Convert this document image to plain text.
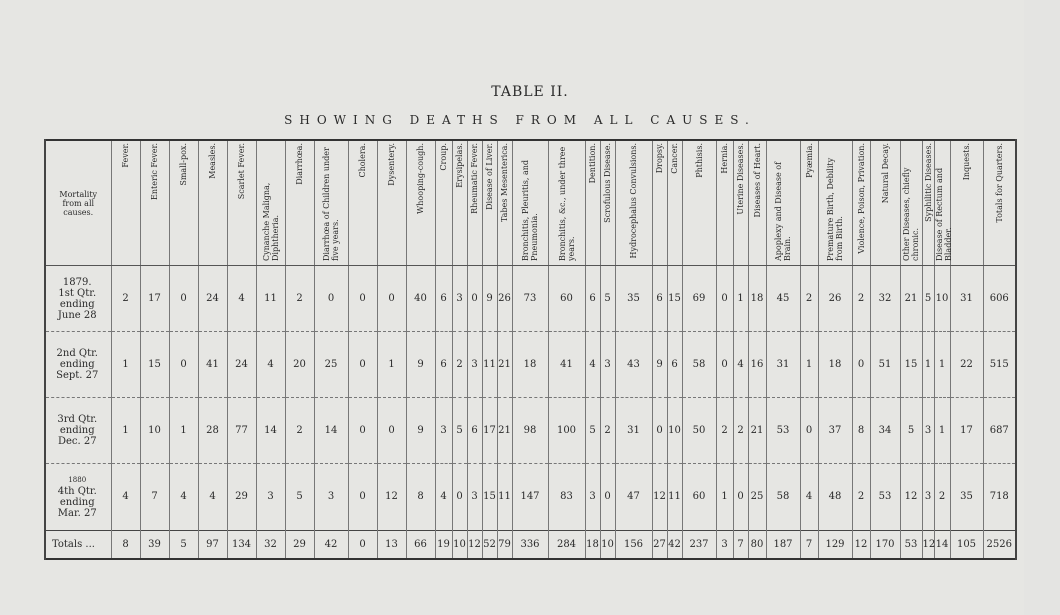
TABLE II.
SHOWING DEATHS FROM ALL CAUSES.
Mortality from all causes.	Fever.	Enteric Fever.	Small-pox.	Measles.	Scarlet Fever.	Cynanche Maligna, Diphtheria.	Diarrhœa.	Diarrhœa of Children under five years.	Cholera.	Dysentery.	Whooping-cough.	Croup.	Erysipelas.	Rheumatic Fever.	Disease of Liver.	Tabes Mesenterica.	Bronchitis, Pleuritis, and Pneumonia.	Bronchitis, &c., under three years.	Dentition.	Scrofulous Disease.	Hydrocephalus Convulsions.	Dropsy.	Cancer.	Phthisis.	Hernia.	Uterine Diseases.	Diseases of Heart.	Apoplexy and Disease of Brain.	Pyæmia.	Premature Birth, Debility from Birth.	Violence, Poison, Privation.	Natural Decay.	Other Diseases, chiefly chronic.	Syphilitic Diseases.	Disease of Rectum and Bladder.	Inquests.	Totals for Quarters.

1879.
1st Qtr.
ending
June 28	2	17	0	24	4	11	2	0	0	0	40	6	3	0	9	26	73	60	6	5	35	6	15	69	0	1	18	45	2	26	2	32	21	5	10	31	606

2nd Qtr.
ending
Sept. 27	1	15	0	41	24	4	20	25	0	1	9	6	2	3	11	21	18	41	4	3	43	9	6	58	0	4	16	31	1	18	0	51	15	1	1	22	515

3rd Qtr.
ending
Dec. 27	1	10	1	28	77	14	2	14	0	0	9	3	5	6	17	21	98	100	5	2	31	0	10	50	2	2	21	53	0	37	8	34	5	3	1	17	687

1880
4th Qtr.
ending
Mar. 27	4	7	4	4	29	3	5	3	0	12	8	4	0	3	15	11	147	83	3	0	47	12	11	60	1	0	25	58	4	48	2	53	12	3	2	35	718
Totals ...	8	39	5	97	134	32	29	42	0	13	66	19	10	12	52	79	336	284	18	10	156	27	42	237	3	7	80	187	7	129	12	170	53	12	14	105	2526
